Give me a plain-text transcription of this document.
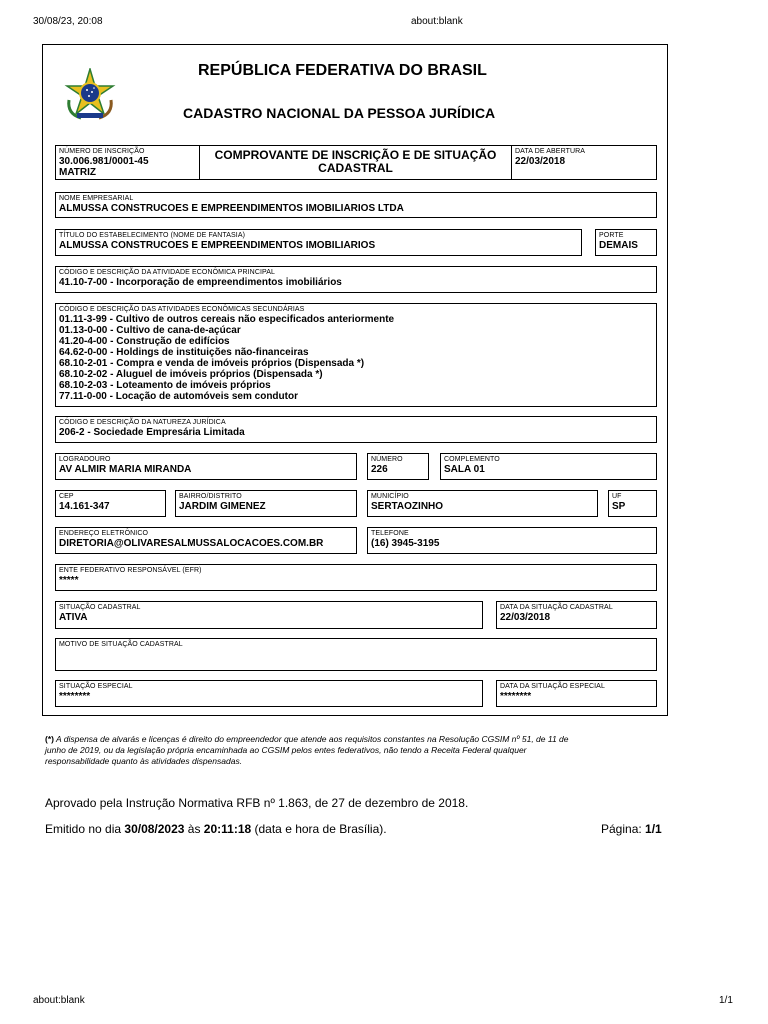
30/08/23, 20:08	about:blank
REPÚBLICA FEDERATIVA DO BRASIL
CADASTRO NACIONAL DA PESSOA JURÍDICA
NÚMERO DE INSCRIÇÃO
30.006.981/0001-45
MATRIZ
COMPROVANTE DE INSCRIÇÃO E DE SITUAÇÃO
CADASTRAL
DATA DE ABERTURA
22/03/2018
NOME EMPRESARIAL
ALMUSSA CONSTRUCOES E EMPREENDIMENTOS IMOBILIARIOS LTDA
TÍTULO DO ESTABELECIMENTO (NOME DE FANTASIA)
ALMUSSA CONSTRUCOES E EMPREENDIMENTOS IMOBILIARIOS
PORTE
DEMAIS
CÓDIGO E DESCRIÇÃO DA ATIVIDADE ECONÔMICA PRINCIPAL
41.10-7-00 - Incorporação de empreendimentos imobiliários
CÓDIGO E DESCRIÇÃO DAS ATIVIDADES ECONÔMICAS SECUNDÁRIAS
01.11-3-99 - Cultivo de outros cereais não especificados anteriormente
01.13-0-00 - Cultivo de cana-de-açúcar
41.20-4-00 - Construção de edifícios
64.62-0-00 - Holdings de instituições não-financeiras
68.10-2-01 - Compra e venda de imóveis próprios (Dispensada *)
68.10-2-02 - Aluguel de imóveis próprios (Dispensada *)
68.10-2-03 - Loteamento de imóveis próprios
77.11-0-00 - Locação de automóveis sem condutor
CÓDIGO E DESCRIÇÃO DA NATUREZA JURÍDICA
206-2 - Sociedade Empresária Limitada
LOGRADOURO
AV ALMIR MARIA MIRANDA
NÚMERO
226
COMPLEMENTO
SALA 01
CEP
14.161-347
BAIRRO/DISTRITO
JARDIM GIMENEZ
MUNICÍPIO
SERTAOZINHO
UF
SP
ENDEREÇO ELETRÔNICO
DIRETORIA@OLIVARESALMUSSALOCACOES.COM.BR
TELEFONE
(16) 3945-3195
ENTE FEDERATIVO RESPONSÁVEL (EFR)
*****
SITUAÇÃO CADASTRAL
ATIVA
DATA DA SITUAÇÃO CADASTRAL
22/03/2018
MOTIVO DE SITUAÇÃO CADASTRAL
SITUAÇÃO ESPECIAL
********
DATA DA SITUAÇÃO ESPECIAL
********
(*) A dispensa de alvarás e licenças é direito do empreendedor que atende aos requisitos constantes na Resolução CGSIM nº 51, de 11 de
junho de 2019, ou da legislação própria encaminhada ao CGSIM pelos entes federativos, não tendo a Receita Federal qualquer
responsabilidade quanto às atividades dispensadas.
Aprovado pela Instrução Normativa RFB nº 1.863, de 27 de dezembro de 2018.
Emitido no dia 30/08/2023 às 20:11:18 (data e hora de Brasília).	Página: 1/1
about:blank	1/1
